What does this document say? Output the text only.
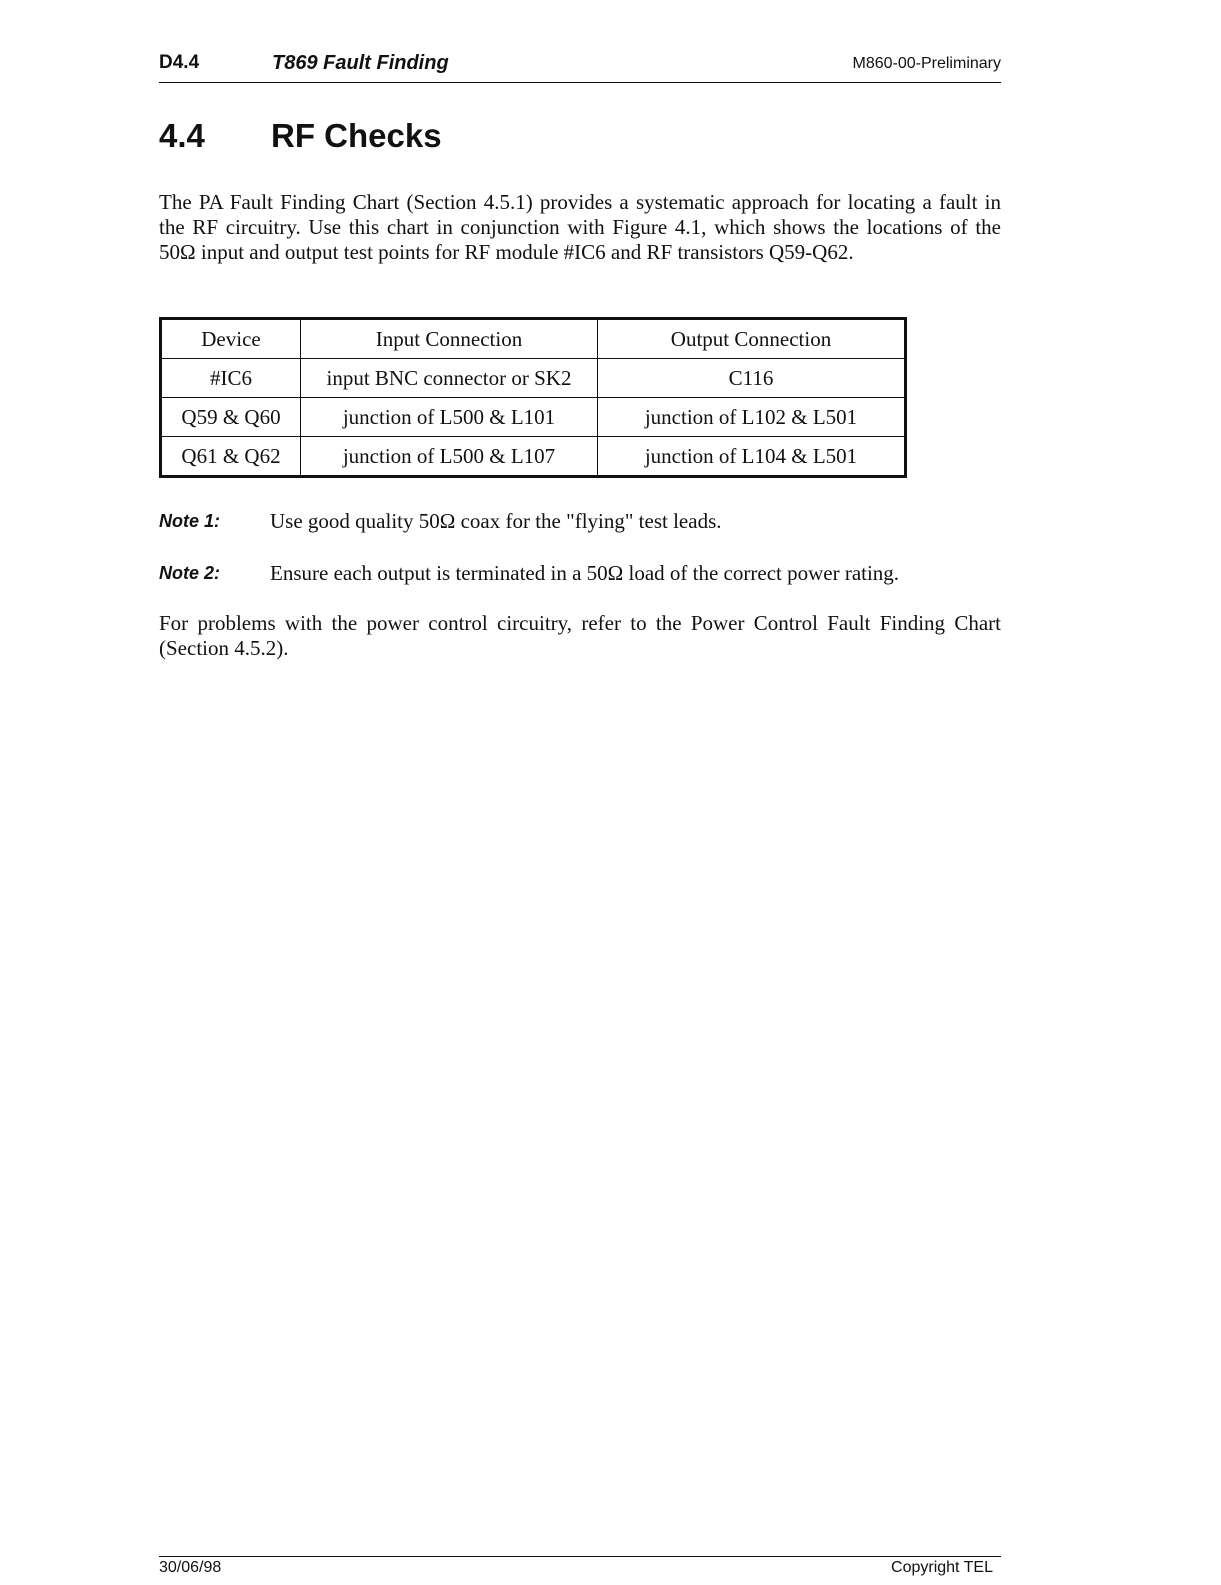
D4.4	T869 Fault Finding	M860-00-Preliminary
4.4 RF Checks

The PA Fault Finding Chart (Section 4.5.1) provides a systematic approach for locating a fault in the RF circuitry. Use this chart in conjunction with Figure 4.1, which shows the locations of the 50Ω input and output test points for RF module #IC6 and RF transistors Q59-Q62.

Device	Input Connection	Output Connection
#IC6	input BNC connector or SK2	C116
Q59 & Q60	junction of L500 & L101	junction of L102 & L501
Q61 & Q62	junction of L500 & L107	junction of L104 & L501
Note 1: Use good quality 50Ω coax for the "flying" test leads.
Note 2: Ensure each output is terminated in a 50Ω load of the correct power rating.

For problems with the power control circuitry, refer to the Power Control Fault Finding Chart (Section 4.5.2).

30/06/98	Copyright TEL
